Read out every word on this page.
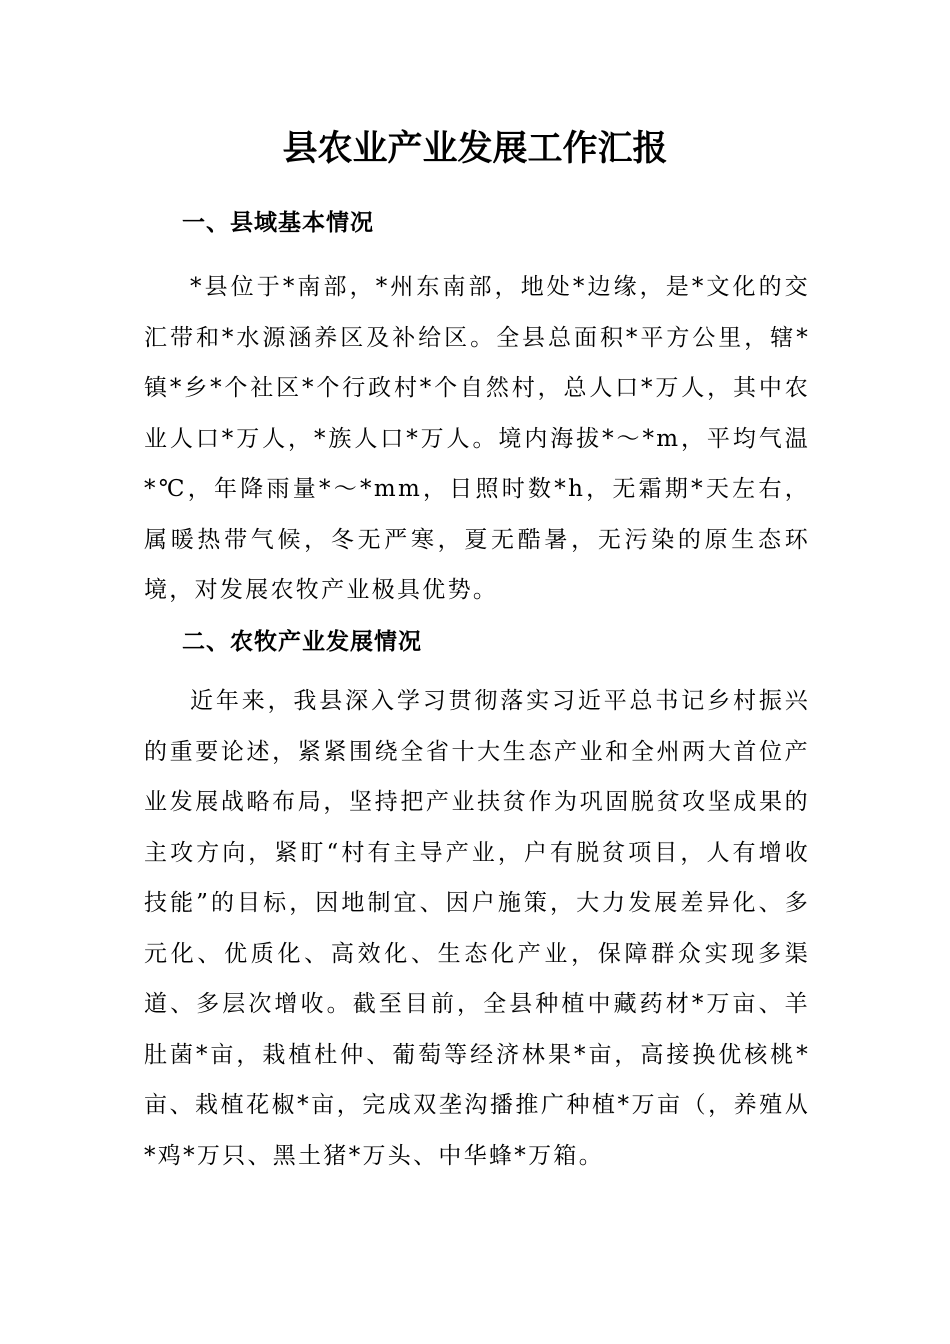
县农业产业发展工作汇报
一、县域基本情况

*县位于*南部，*州东南部，地处*边缘，是*文化的交汇带和*水源涵养区及补给区。全县总面积*平方公里，辖*镇*乡*个社区*个行政村*个自然村，总人口*万人，其中农业人口*万人，*族人口*万人。境内海拔*～*m，平均气温*℃，年降雨量*～*mm，日照时数*h，无霜期*天左右，属暖热带气候，冬无严寒，夏无酷暑，无污染的原生态环境，对发展农牧产业极具优势。

二、农牧产业发展情况

近年来，我县深入学习贯彻落实习近平总书记乡村振兴的重要论述，紧紧围绕全省十大生态产业和全州两大首位产业发展战略布局，坚持把产业扶贫作为巩固脱贫攻坚成果的主攻方向，紧盯“村有主导产业，户有脱贫项目，人有增收技能”的目标，因地制宜、因户施策，大力发展差异化、多元化、优质化、高效化、生态化产业，保障群众实现多渠道、多层次增收。截至目前，全县种植中藏药材*万亩、羊肚菌*亩，栽植杜仲、葡萄等经济林果*亩，高接换优核桃*亩、栽植花椒*亩，完成双垄沟播推广种植*万亩（，养殖从*鸡*万只、黑土猪*万头、中华蜂*万箱。
